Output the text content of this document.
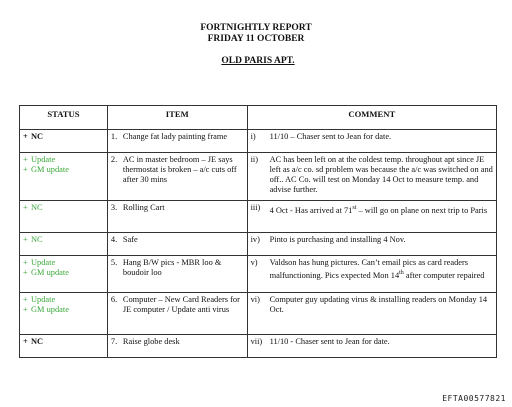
FORTNIGHTLY REPORT
FRIDAY 11 OCTOBER
OLD PARIS APT.
STATUS	ITEM	COMMENT

+ NC	1. Change fat lady painting frame	i) 11/10 – Chaser sent to Jean for date.

+ Update
+ GM update	2. AC in master bedroom – JE says thermostat is broken – a/c cuts off after 30 mins	ii) AC has been left on at the coldest temp. throughout apt since JE left as a/c co. sd problem was because the a/c was switched on and off.. AC Co. will test on Monday 14 Oct to measure temp. and advise further.

+ NC	3. Rolling Cart	iii) 4 Oct - Has arrived at 71st – will go on plane on next trip to Paris

+ NC	4. Safe	iv) Pinto is purchasing and installing 4 Nov.

+ Update
+ GM update	5. Hang B/W pics - MBR loo & boudoir loo	v) Valdson has hung pictures. Can’t email pics as card readers malfunctioning. Pics expected Mon 14th after computer repaired

+ Update
+ GM update	6. Computer – New Card Readers for JE computer / Update anti virus	vi) Computer guy updating virus & installing readers on Monday 14 Oct.

+ NC	7. Raise globe desk	vii) 11/10 - Chaser sent to Jean for date.
EFTA00577821
